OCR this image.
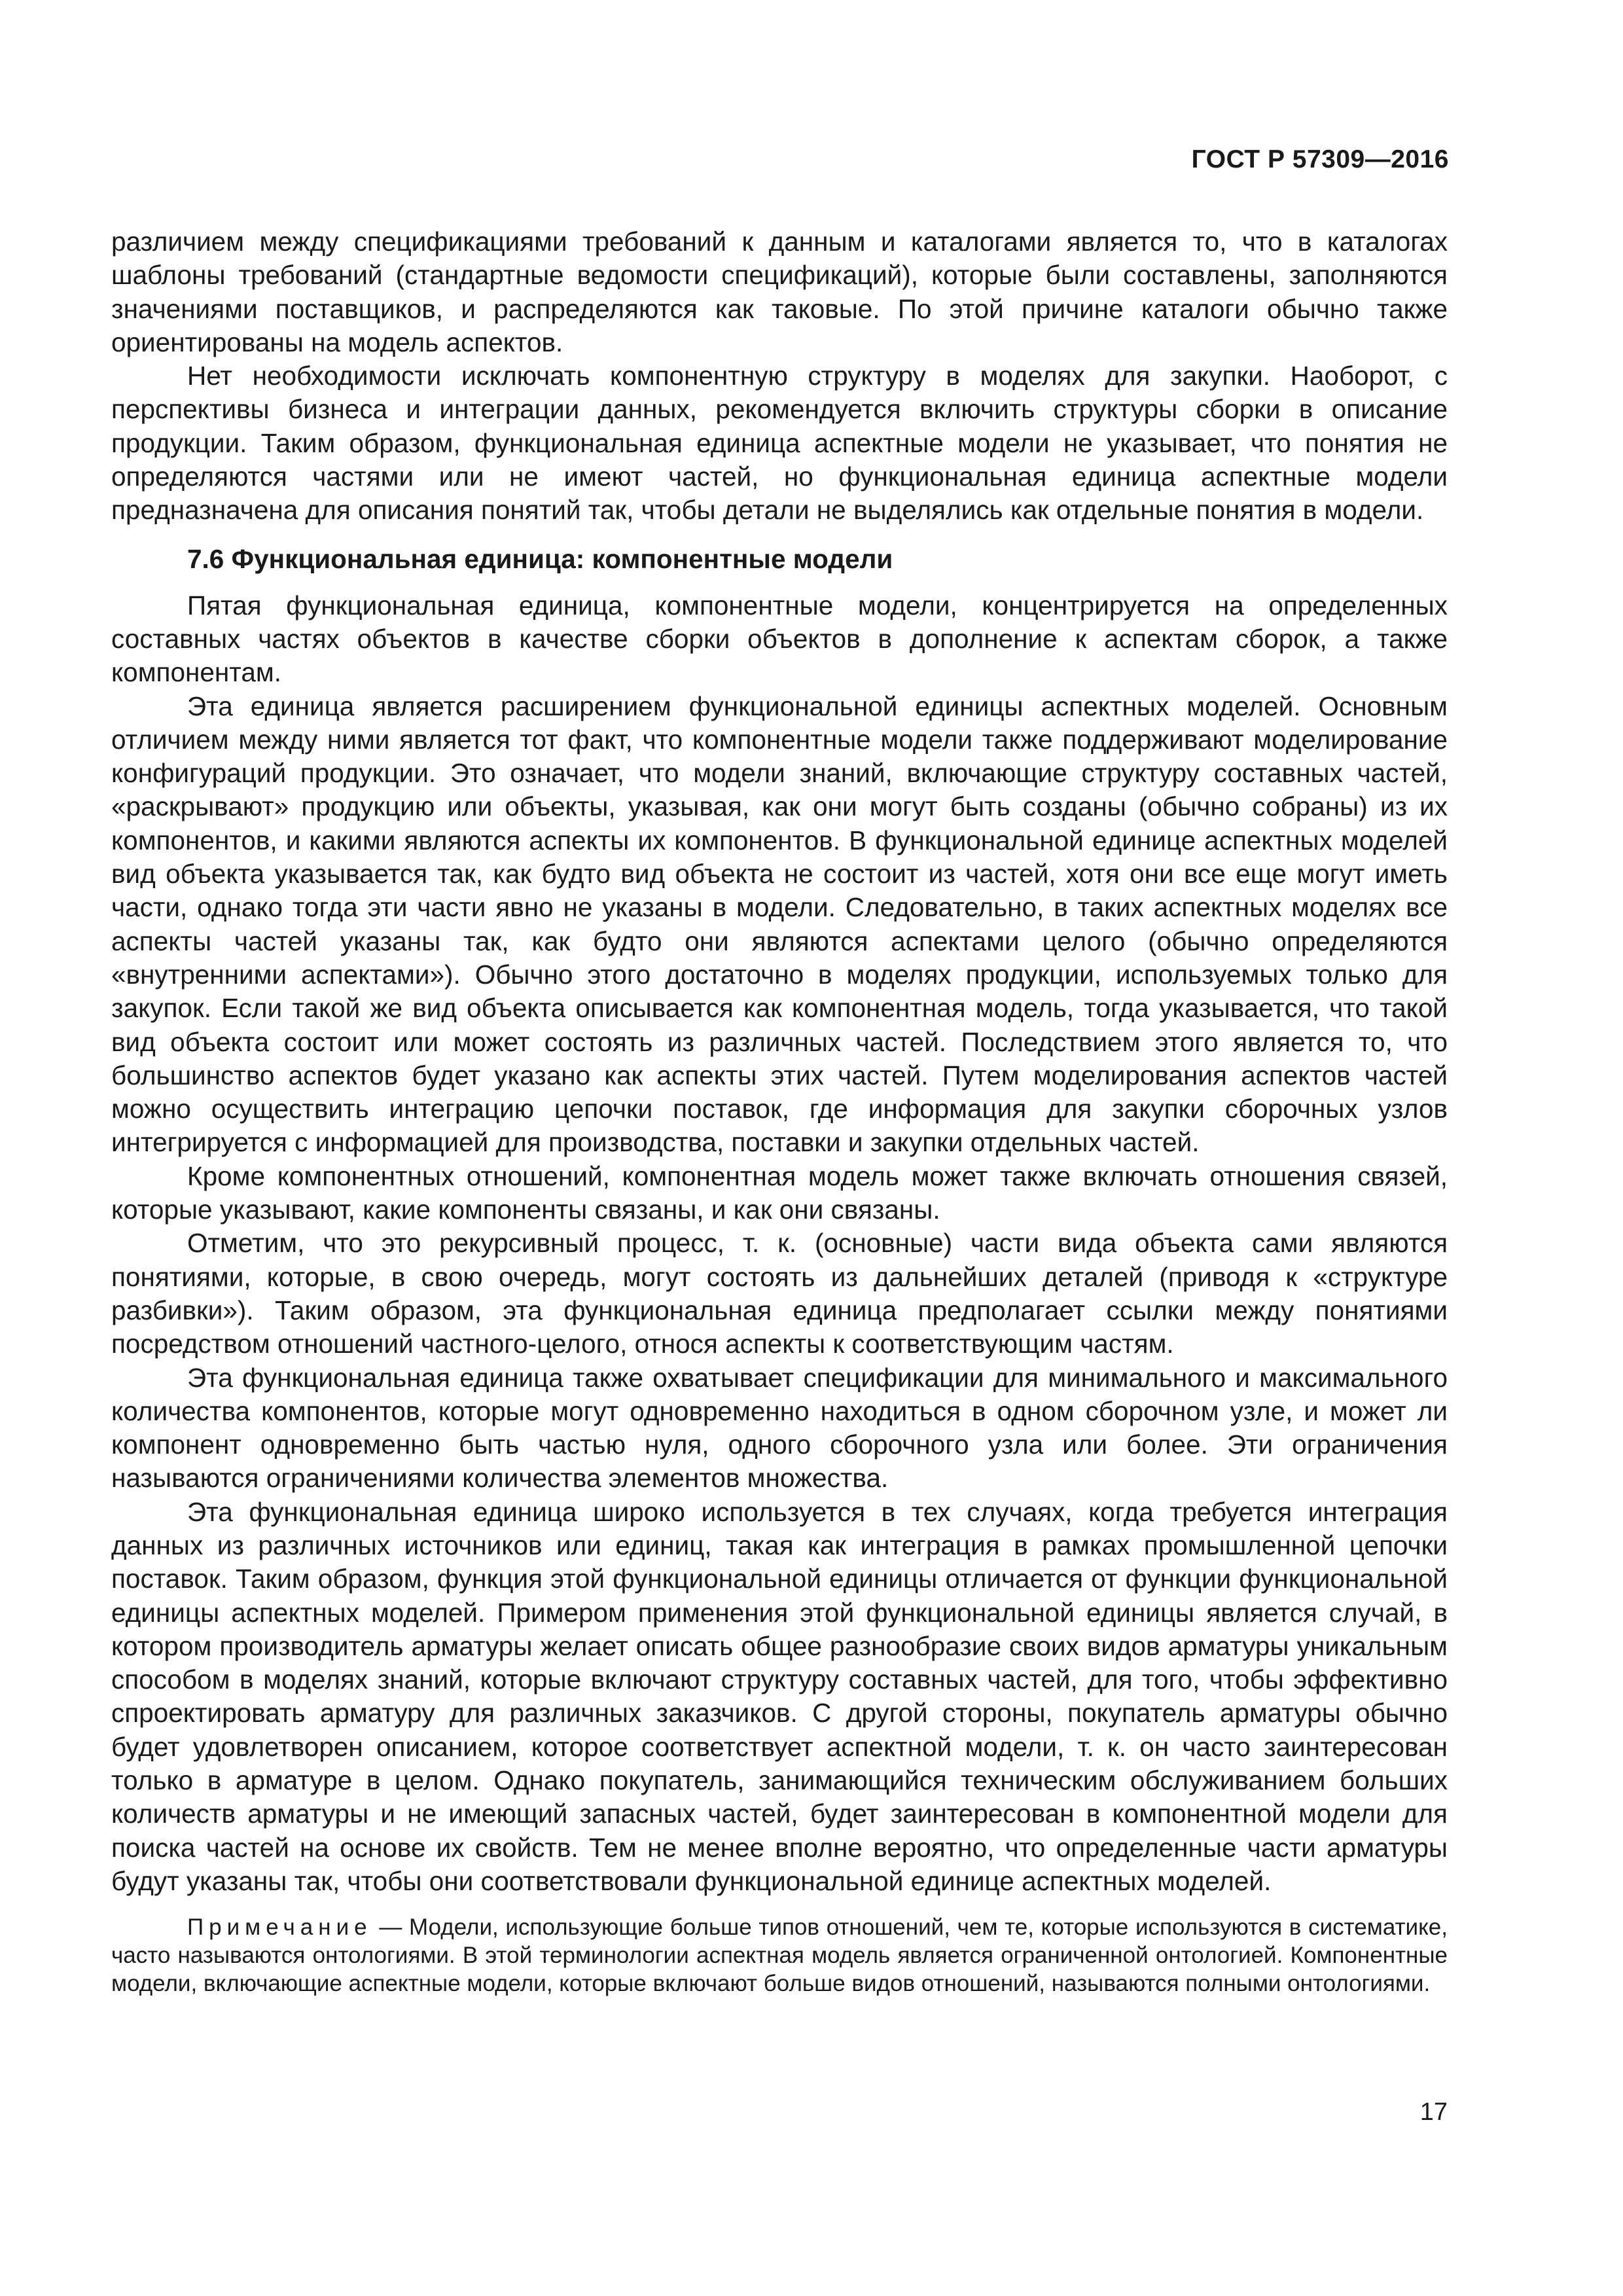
ГОСТ Р 57309—2016

различием между спецификациями требований к данным и каталогами является то, что в каталогах шаблоны требований (стандартные ведомости спецификаций), которые были составлены, заполняются значениями поставщиков, и распределяются как таковые. По этой причине каталоги обычно также ориентированы на модель аспектов.

Нет необходимости исключать компонентную структуру в моделях для закупки. Наоборот, с перспективы бизнеса и интеграции данных, рекомендуется включить структуры сборки в описание продукции. Таким образом, функциональная единица аспектные модели не указывает, что понятия не определяются частями или не имеют частей, но функциональная единица аспектные модели предназначена для описания понятий так, чтобы детали не выделялись как отдельные понятия в модели.

7.6 Функциональная единица: компонентные модели

Пятая функциональная единица, компонентные модели, концентрируется на определенных составных частях объектов в качестве сборки объектов в дополнение к аспектам сборок, а также компонентам.

Эта единица является расширением функциональной единицы аспектных моделей. Основным отличием между ними является тот факт, что компонентные модели также поддерживают моделирование конфигураций продукции. Это означает, что модели знаний, включающие структуру составных частей, «раскрывают» продукцию или объекты, указывая, как они могут быть созданы (обычно собраны) из их компонентов, и какими являются аспекты их компонентов. В функциональной единице аспектных моделей вид объекта указывается так, как будто вид объекта не состоит из частей, хотя они все еще могут иметь части, однако тогда эти части явно не указаны в модели. Следовательно, в таких аспектных моделях все аспекты частей указаны так, как будто они являются аспектами целого (обычно определяются «внутренними аспектами»). Обычно этого достаточно в моделях продукции, используемых только для закупок. Если такой же вид объекта описывается как компонентная модель, тогда указывается, что такой вид объекта состоит или может состоять из различных частей. Последствием этого является то, что большинство аспектов будет указано как аспекты этих частей. Путем моделирования аспектов частей можно осуществить интеграцию цепочки поставок, где информация для закупки сборочных узлов интегрируется с информацией для производства, поставки и закупки отдельных частей.

Кроме компонентных отношений, компонентная модель может также включать отношения связей, которые указывают, какие компоненты связаны, и как они связаны.

Отметим, что это рекурсивный процесс, т. к. (основные) части вида объекта сами являются понятиями, которые, в свою очередь, могут состоять из дальнейших деталей (приводя к «структуре разбивки»). Таким образом, эта функциональная единица предполагает ссылки между понятиями посредством отношений частного-целого, относя аспекты к соответствующим частям.

Эта функциональная единица также охватывает спецификации для минимального и максимального количества компонентов, которые могут одновременно находиться в одном сборочном узле, и может ли компонент одновременно быть частью нуля, одного сборочного узла или более. Эти ограничения называются ограничениями количества элементов множества.

Эта функциональная единица широко используется в тех случаях, когда требуется интеграция данных из различных источников или единиц, такая как интеграция в рамках промышленной цепочки поставок. Таким образом, функция этой функциональной единицы отличается от функции функциональной единицы аспектных моделей. Примером применения этой функциональной единицы является случай, в котором производитель арматуры желает описать общее разнообразие своих видов арматуры уникальным способом в моделях знаний, которые включают структуру составных частей, для того, чтобы эффективно спроектировать арматуру для различных заказчиков. С другой стороны, покупатель арматуры обычно будет удовлетворен описанием, которое соответствует аспектной модели, т. к. он часто заинтересован только в арматуре в целом. Однако покупатель, занимающийся техническим обслуживанием больших количеств арматуры и не имеющий запасных частей, будет заинтересован в компонентной модели для поиска частей на основе их свойств. Тем не менее вполне вероятно, что определенные части арматуры будут указаны так, чтобы они соответствовали функциональной единице аспектных моделей.

Примечание — Модели, использующие больше типов отношений, чем те, которые используются в систематике, часто называются онтологиями. В этой терминологии аспектная модель является ограниченной онтологией. Компонентные модели, включающие аспектные модели, которые включают больше видов отношений, называются полными онтологиями.
17
